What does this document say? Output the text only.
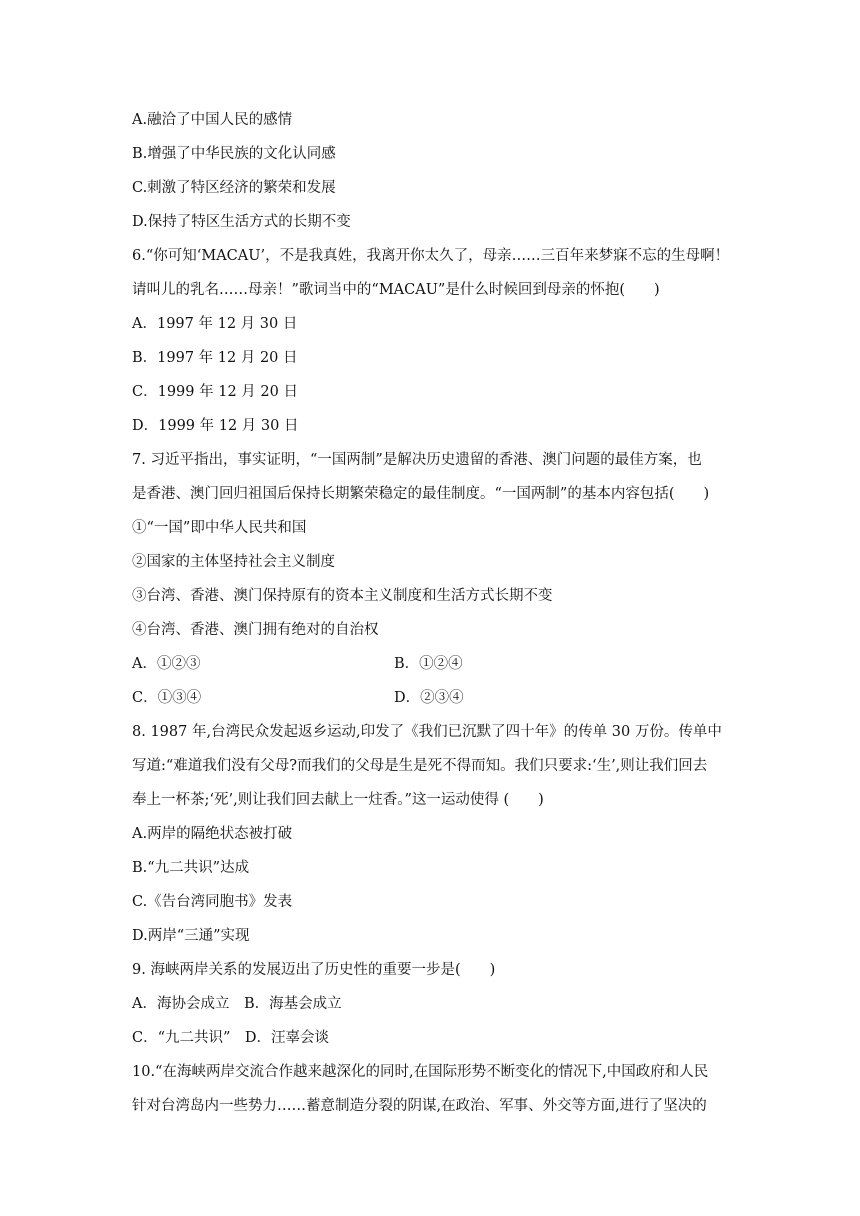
A.融洽了中国人民的感情
B.增强了中华民族的文化认同感
C.刺激了特区经济的繁荣和发展
D.保持了特区生活方式的长期不变
6.“你可知‘MACAU’，不是我真姓，我离开你太久了，母亲……三百年来梦寐不忘的生母啊！
请叫儿的乳名……母亲！”歌词当中的“MACAU”是什么时候回到母亲的怀抱(　　)
A．1997 年 12 月 30 日
B．1997 年 12 月 20 日
C．1999 年 12 月 20 日
D．1999 年 12 月 30 日
7. 习近平指出，事实证明，“一国两制”是解决历史遗留的香港、澳门问题的最佳方案，也
是香港、澳门回归祖国后保持长期繁荣稳定的最佳制度。“一国两制”的基本内容包括(　　)
①“一国”即中华人民共和国
②国家的主体坚持社会主义制度
③台湾、香港、澳门保持原有的资本主义制度和生活方式长期不变
④台湾、香港、澳门拥有绝对的自治权
A．①②③	B．①②④
C．①③④	D．②③④
8. 1987 年,台湾民众发起返乡运动,印发了《我们已沉默了四十年》的传单 30 万份。传单中
写道:“难道我们没有父母?而我们的父母是生是死不得而知。我们只要求:‘生’,则让我们回去
奉上一杯茶;‘死’,则让我们回去献上一炷香。”这一运动使得 (　　)
A.两岸的隔绝状态被打破
B.“九二共识”达成
C.《告台湾同胞书》发表
D.两岸“三通”实现
9. 海峡两岸关系的发展迈出了历史性的重要一步是(　　)
A．海协会成立　B．海基会成立
C．“九二共识”　D．汪辜会谈
10.“在海峡两岸交流合作越来越深化的同时,在国际形势不断变化的情况下,中国政府和人民
针对台湾岛内一些势力……蓄意制造分裂的阴谋,在政治、军事、外交等方面,进行了坚决的
